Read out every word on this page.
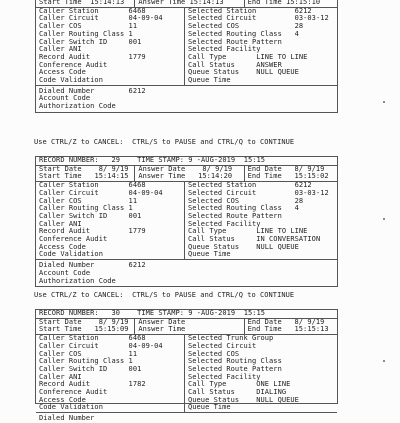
Start Time 15:14:13	Answer Time 15:14:13	End Time 15:15:10
Caller Station       6468
Caller Circuit       04-09-04
Caller COS           11
Caller Routing Class 1
Caller Switch ID     001
Caller ANI
Record Audit         1779
Conference Audit
Access Code
Code Validation
Selected Station         6212
Selected Circuit         03-03-12
Selected COS             28
Selected Routing Class   4
Selected Route Pattern
Selected Facility
Call Type       LINE TO LINE
Call Status     ANSWER
Queue Status    NULL QUEUE
Queue Time
Dialed Number        6212
Account Code
Authorization Code
Use CTRL/Z to CANCEL:  CTRL/S to PAUSE and CTRL/Q to CONTINUE
RECORD NUMBER:   29    TIME STAMP: 9 -AUG-2019  15:15
Start Date 8/ 9/19
Start Time 15:14:15
Answer Date 8/ 9/19
Answer Time 15:14:20
End Date 8/ 9/19
End Time 15:15:02
Caller Station       6468
Caller Circuit       04-09-04
Caller COS           11
Caller Routing Class 1
Caller Switch ID     001
Caller ANI
Record Audit         1779
Conference Audit
Access Code
Code Validation
Selected Station         6212
Selected Circuit         03-03-12
Selected COS             28
Selected Routing Class   4
Selected Route Pattern
Selected Facility
Call Type       LINE TO LINE
Call Status     IN CONVERSATION
Queue Status    NULL QUEUE
Queue Time
Dialed Number        6212
Account Code
Authorization Code
Use CTRL/Z to CANCEL:  CTRL/S to PAUSE and CTRL/Q to CONTINUE
RECORD NUMBER:   30    TIME STAMP: 9 -AUG-2019  15:15
Start Date 8/ 9/19
Start Time 15:15:09
Answer Date
Answer Time
End Date 8/ 9/19
End Time 15:15:13
Caller Station       6468
Caller Circuit       04-09-04
Caller COS           11
Caller Routing Class 1
Caller Switch ID     001
Caller ANI
Record Audit         1782
Conference Audit
Access Code
Code Validation
Selected Trunk Group
Selected Circuit
Selected COS
Selected Routing Class
Selected Route Pattern
Selected Facility
Call Type       ONE LINE
Call Status     DIALING
Queue Status    NULL QUEUE
Queue Time
Dialed Number
